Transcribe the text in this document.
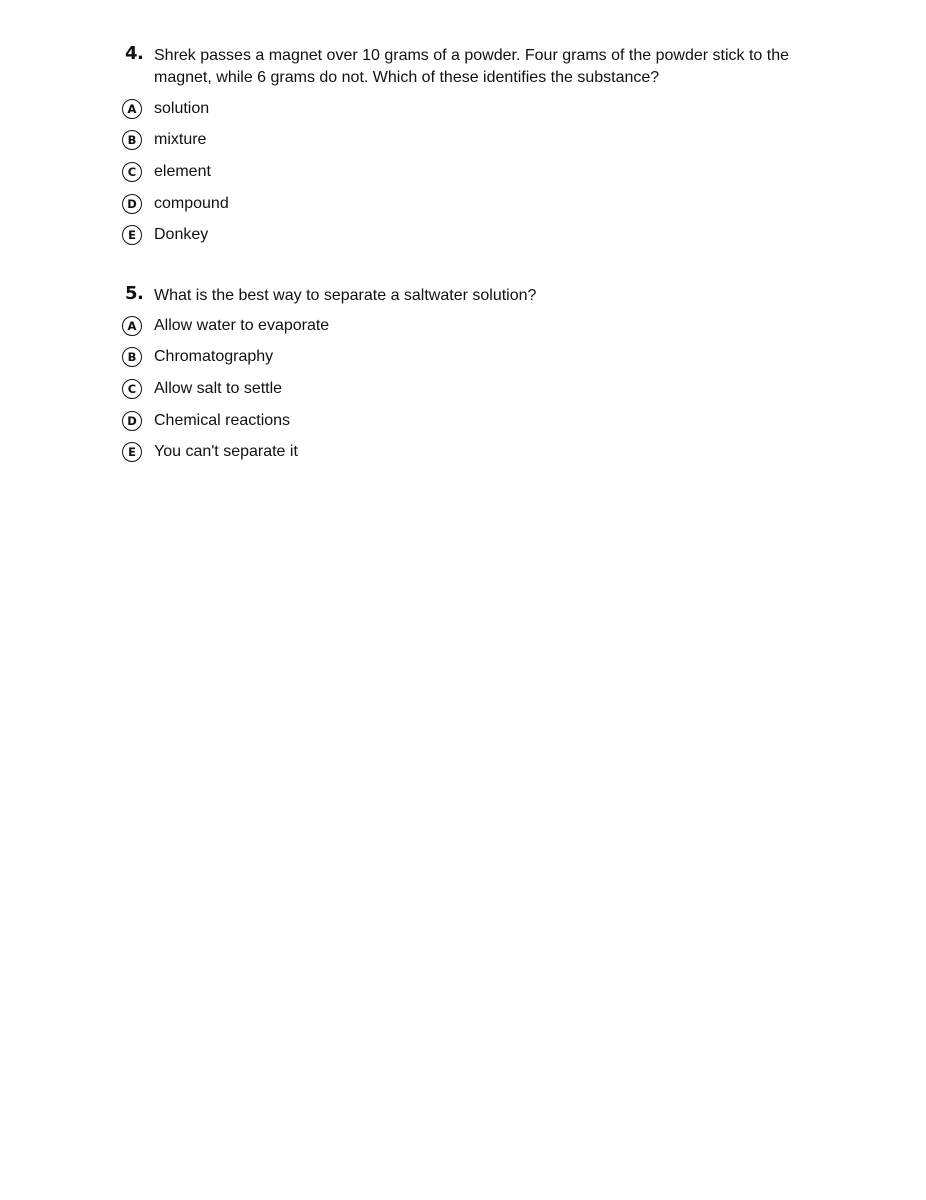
4. Shrek passes a magnet over 10 grams of a powder. Four grams of the powder stick to the magnet, while 6 grams do not. Which of these identifies the substance?
A	solution
B	mixture
C	element
D	compound
E	Donkey
5. What is the best way to separate a saltwater solution?
A	Allow water to evaporate
B	Chromatography
C	Allow salt to settle
D	Chemical reactions
E	You can't separate it
